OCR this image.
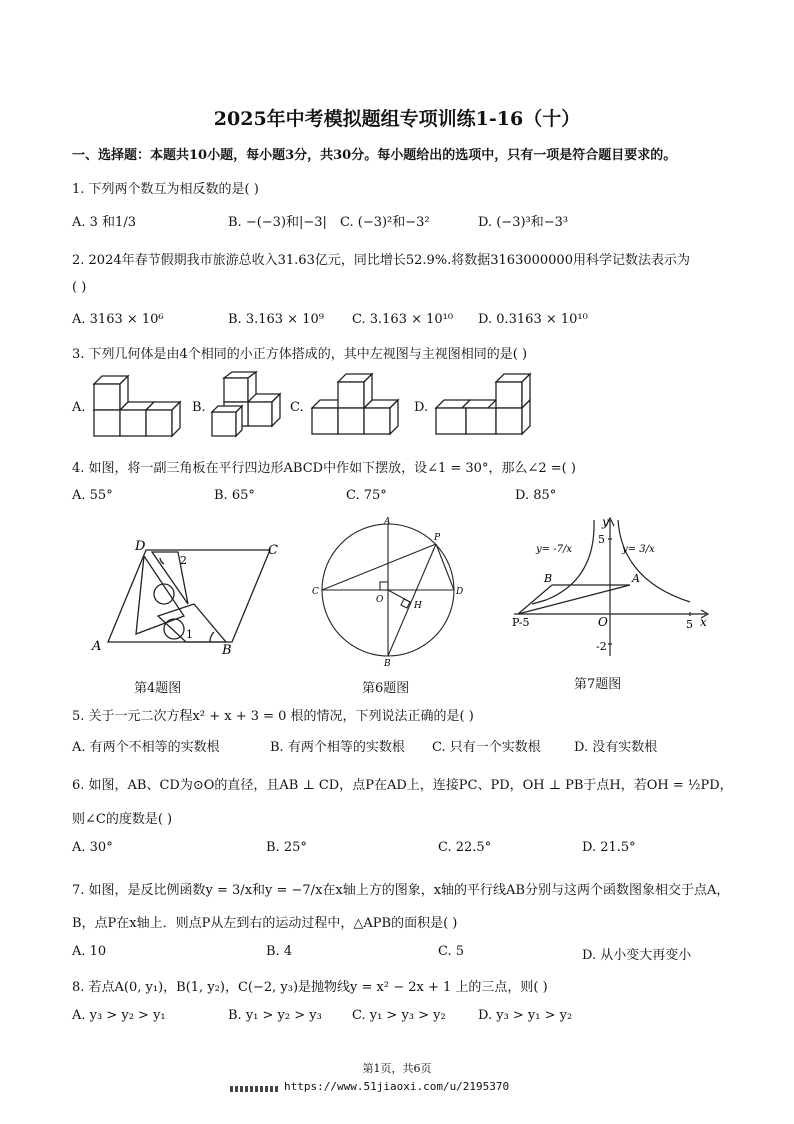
2025年中考模拟题组专项训练1-16（十）
一、选择题：本题共10小题，每小题3分，共30分。每小题给出的选项中，只有一项是符合题目要求的。
1. 下列两个数互为相反数的是( )
A. 3 和1/3	B. −(−3)和|−3| C. (−3)²和−3²	D. (−3)³和−3³
2. 2024年春节假期我市旅游总收入31.63亿元，同比增长52.9%.将数据3163000000用科学记数法表示为
( )
A. 3163 × 10⁶	B. 3.163 × 10⁹ C. 3.163 × 10¹⁰ D. 0.3163 × 10¹⁰
3. 下列几何体是由4个相同的小正方体搭成的，其中左视图与主视图相同的是( )
A.	B.	C.	D.
4. 如图，将一副三角板在平行四边形ABCD中作如下摆放，设∠1 = 30°，那么∠2 =( )
A. 55°	B. 65°	C. 75°	D. 85°
D	C
A	B
1
2
第4题图
A
B
C	D
O
P
H
第6题图
y
x
5
5
O
-2
P-5
A
B
y= -7/x	y= 3/x
第7题图
5. 关于一元二次方程x² + x + 3 = 0 根的情况，下列说法正确的是( )
A. 有两个不相等的实数根	B. 有两个相等的实数根 C. 只有一个实数根	D. 没有实数根
6. 如图，AB、CD为⊙O的直径，且AB ⊥ CD，点P在AD上，连接PC、PD，OH ⊥ PB于点H，若OH = ½PD，
则∠C的度数是( )
A. 30°	B. 25°	C. 22.5°	D. 21.5°
7. 如图，是反比例函数y = 3/x和y = −7/x在x轴上方的图象，x轴的平行线AB分别与这两个函数图象相交于点A，
B，点P在x轴上．则点P从左到右的运动过程中，△APB的面积是( )
A. 10	B. 4	C. 5	D. 从小变大再变小
8. 若点A(0, y₁)，B(1, y₂)，C(−2, y₃)是抛物线y = x² − 2x + 1 上的三点，则( )
A. y₃ > y₂ > y₁	B. y₁ > y₂ > y₃ C. y₁ > y₃ > y₂ D. y₃ > y₁ > y₂
第1页，共6页
https://www.51jiaoxi.com/u/2195370
